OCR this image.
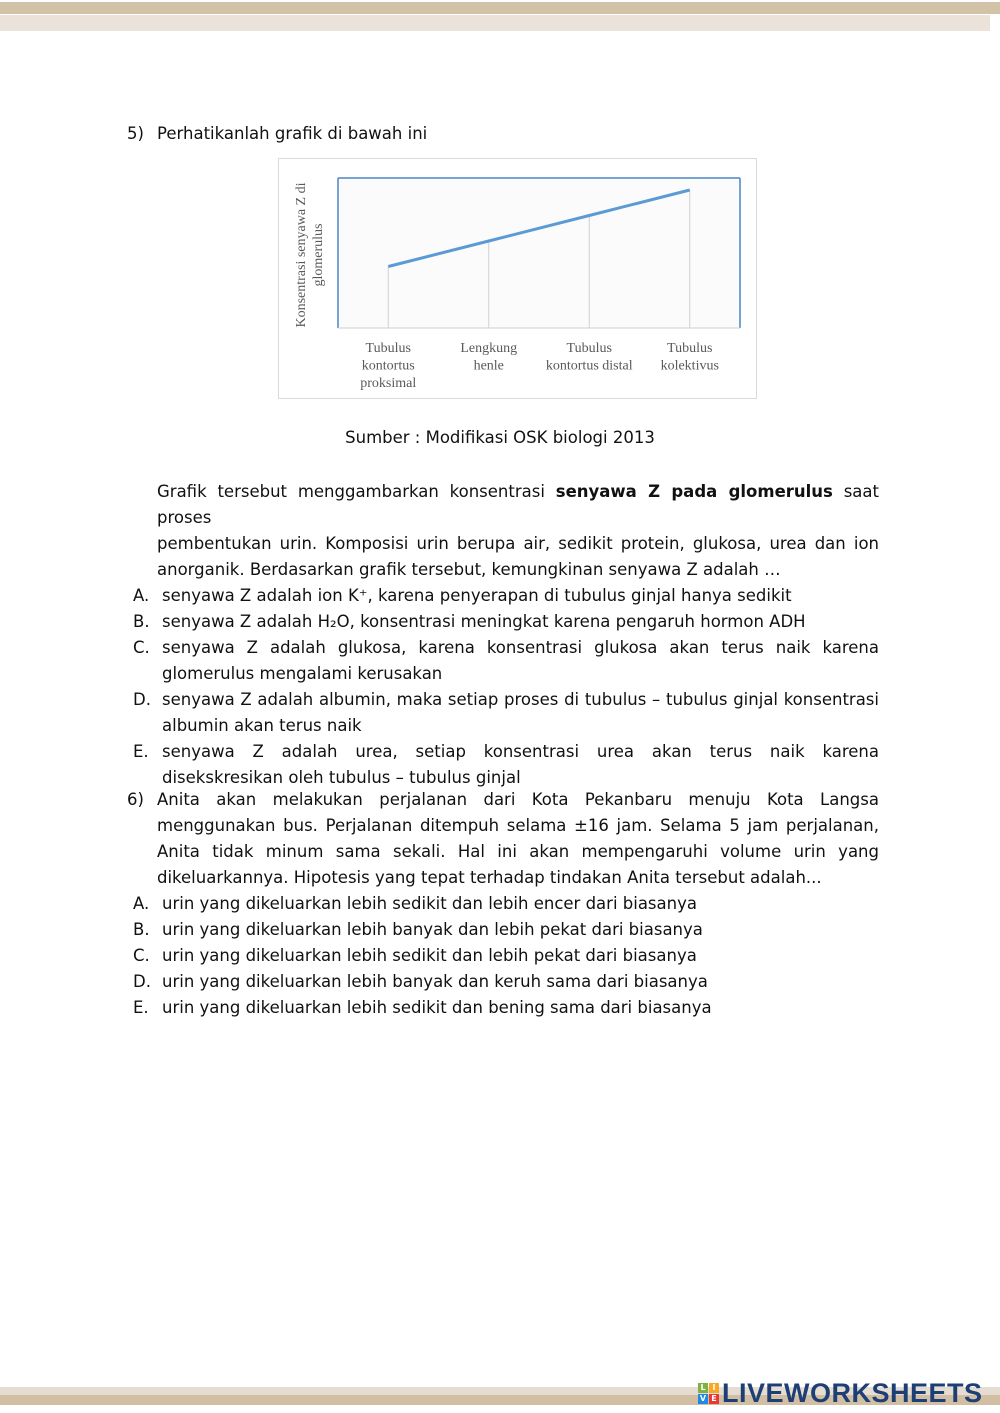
5) Perhatikanlah grafik di bawah ini
Tubulus
kontortus
proksimal
Lengkung
henle
Tubulus
kontortus distal
Tubulus
kolektivus
Konsentrasi senyawa Z di glomerulus
Sumber : Modifikasi OSK biologi 2013
Grafik tersebut menggambarkan konsentrasi senyawa Z pada glomerulus saat proses
pembentukan urin. Komposisi urin berupa air, sedikit protein, glukosa, urea dan ion
anorganik. Berdasarkan grafik tersebut, kemungkinan senyawa Z adalah …
A. senyawa Z adalah ion K⁺, karena penyerapan di tubulus ginjal hanya sedikit
B. senyawa Z adalah H₂O, konsentrasi meningkat karena pengaruh hormon ADH
C. senyawa Z adalah glukosa, karena konsentrasi glukosa akan terus naik karena glomerulus mengalami kerusakan
D. senyawa Z adalah albumin, maka setiap proses di tubulus – tubulus ginjal konsentrasi albumin akan terus naik
E. senyawa Z adalah urea, setiap konsentrasi urea akan terus naik karena disekskresikan oleh tubulus – tubulus ginjal
6) Anita akan melakukan perjalanan dari Kota Pekanbaru menuju Kota Langsa
menggunakan bus. Perjalanan ditempuh selama ±16 jam. Selama 5 jam perjalanan,
Anita tidak minum sama sekali. Hal ini akan mempengaruhi volume urin yang
dikeluarkannya. Hipotesis yang tepat terhadap tindakan Anita tersebut adalah...
A. urin yang dikeluarkan lebih sedikit dan lebih encer dari biasanya
B. urin yang dikeluarkan lebih banyak dan lebih pekat dari biasanya
C. urin yang dikeluarkan lebih sedikit dan lebih pekat dari biasanya
D. urin yang dikeluarkan lebih banyak dan keruh sama dari biasanya
E. urin yang dikeluarkan lebih sedikit dan bening sama dari biasanya
L I
V E LIVEWORKSHEETS
